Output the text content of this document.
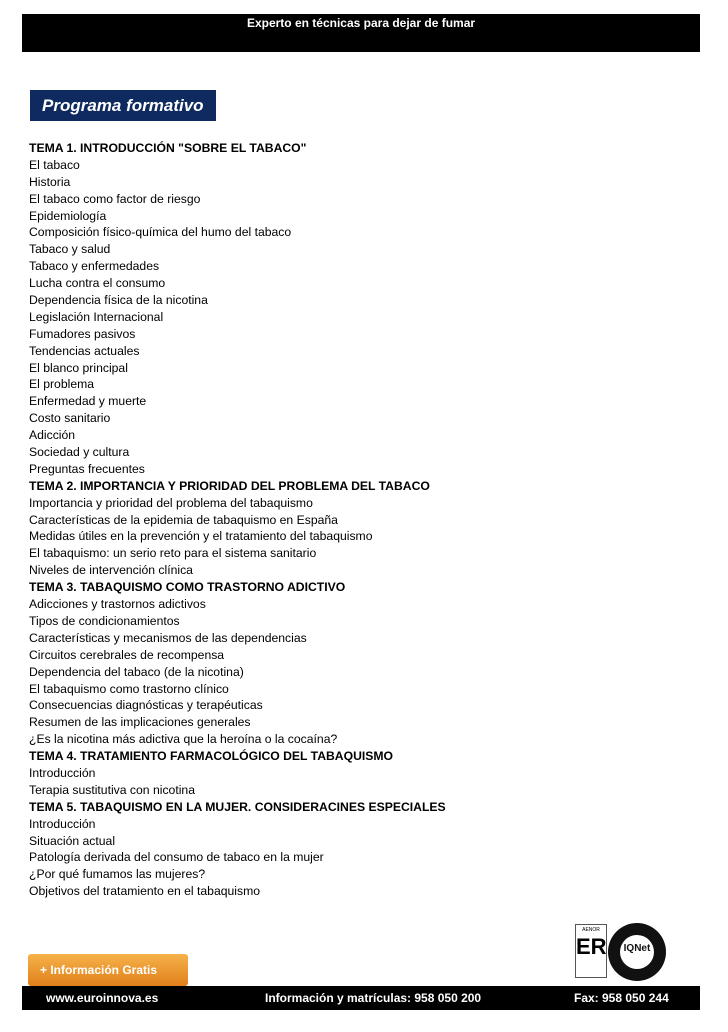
Experto en técnicas para dejar de fumar
Programa formativo
TEMA 1. INTRODUCCIÓN "SOBRE EL TABACO"
El tabaco
Historia
El tabaco como factor de riesgo
Epidemiología
Composición físico-química del humo del tabaco
Tabaco y salud
Tabaco y enfermedades
Lucha contra el consumo
Dependencia física de la nicotina
Legislación Internacional
Fumadores pasivos
Tendencias actuales
El blanco principal
El problema
Enfermedad y muerte
Costo sanitario
Adicción
Sociedad y cultura
Preguntas frecuentes
TEMA 2. IMPORTANCIA Y PRIORIDAD DEL PROBLEMA DEL TABACO
Importancia y prioridad del problema del tabaquismo
Características de la epidemia de tabaquismo en España
Medidas útiles en la prevención y el tratamiento del tabaquismo
El tabaquismo: un serio reto para el sistema sanitario
Niveles de intervención clínica
TEMA 3. TABAQUISMO COMO TRASTORNO ADICTIVO
Adicciones y trastornos adictivos
Tipos de condicionamientos
Características y mecanismos de las dependencias
Circuitos cerebrales de recompensa
Dependencia del tabaco (de la nicotina)
El tabaquismo como trastorno clínico
Consecuencias diagnósticas y terapéuticas
Resumen de las implicaciones generales
¿Es la nicotina más adictiva que la heroína o la cocaína?
TEMA 4. TRATAMIENTO FARMACOLÓGICO DEL TABAQUISMO
Introducción
Terapia sustitutiva con nicotina
TEMA 5. TABAQUISMO EN LA MUJER. CONSIDERACINES ESPECIALES
Introducción
Situación actual
Patología derivada del consumo de tabaco en la mujer
¿Por qué fumamos las mujeres?
Objetivos del tratamiento en el tabaquismo
+ Información Gratis
AENOR
ER	IQNet
www.euroinnova.es	Información y matrículas: 958 050 200	Fax: 958 050 244
